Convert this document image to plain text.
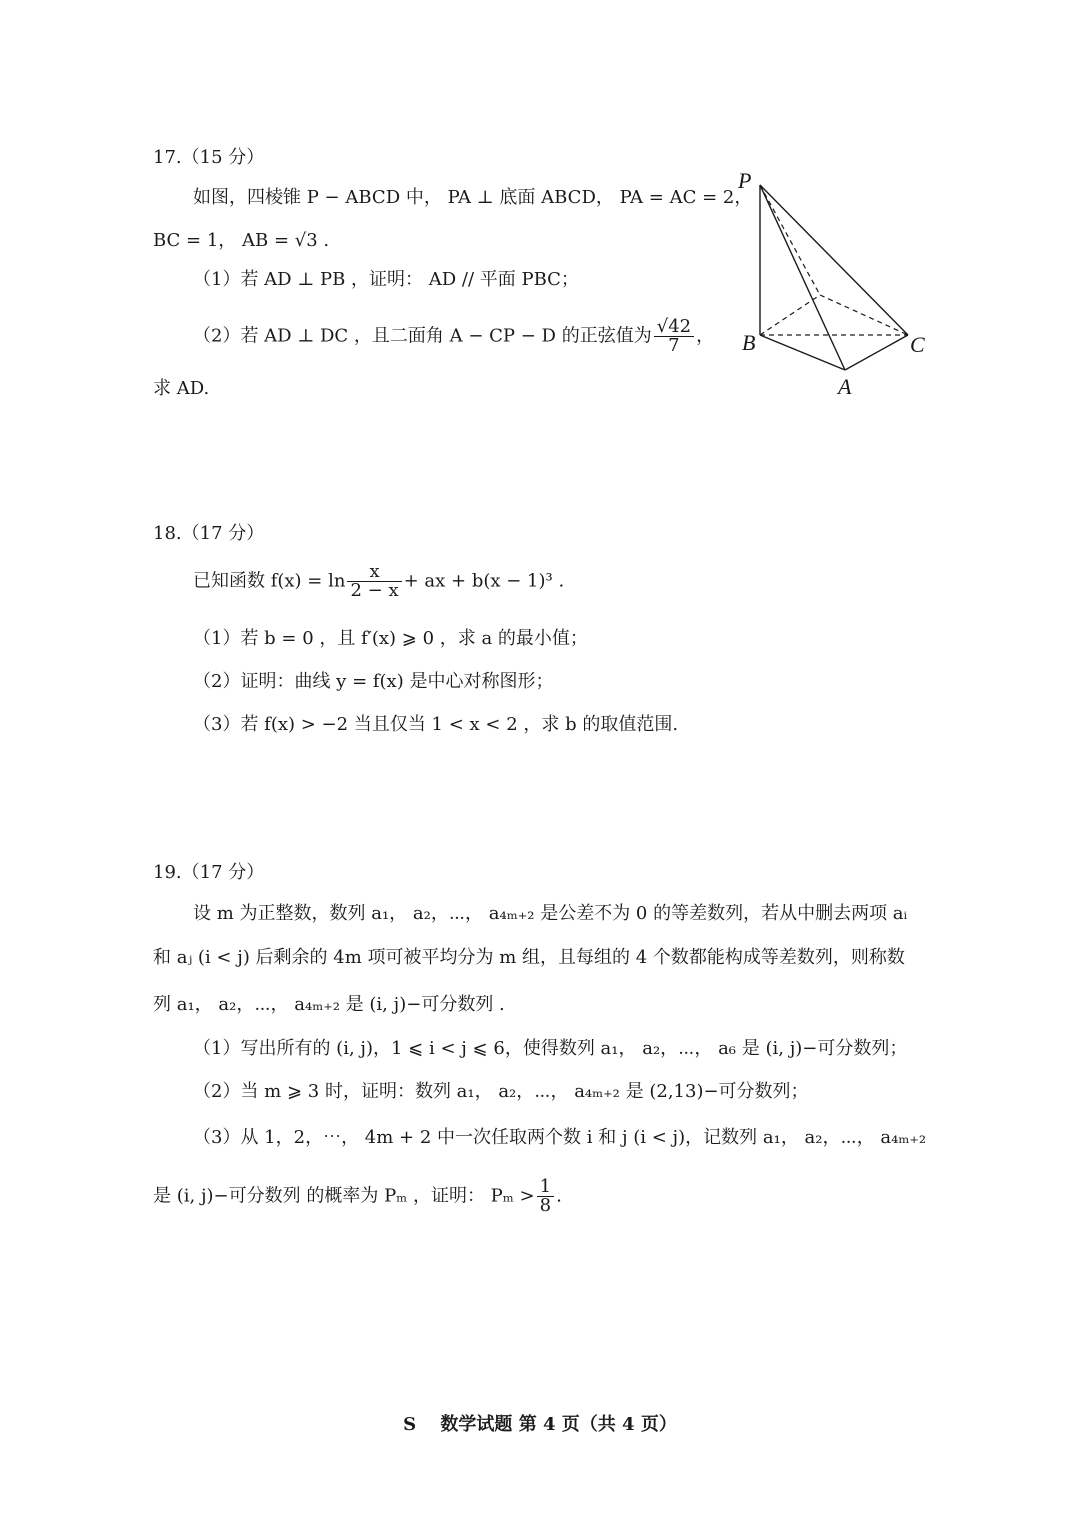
17.（15 分）
如图，四棱锥 P − ABCD 中， PA ⊥ 底面 ABCD， PA = AC = 2，
BC = 1， AB = √3 .
（1）若 AD ⊥ PB ，证明： AD // 平面 PBC；
（2）若 AD ⊥ DC ，且二面角 A − CP − D 的正弦值为 $\frac{√42}{7}$ ，
求 AD.
P
B	C
A
18.（17 分）
已知函数 $f(x) = \ln \frac{x}{2 - x}$ + ax + b(x − 1)³ .
（1）若 b = 0 ，且 f′(x) ⩾ 0 ，求 a 的最小值；
（2）证明：曲线 y = f(x) 是中心对称图形；
（3）若 f(x) > −2 当且仅当 1 < x < 2 ，求 b 的取值范围.
19.（17 分）
设 m 为正整数，数列 a₁， a₂，⋯， a₄ₘ₊₂ 是公差不为 0 的等差数列，若从中删去两项 aᵢ
和 aⱼ (i < j) 后剩余的 4m 项可被平均分为 m 组，且每组的 4 个数都能构成等差数列，则称数
列 a₁， a₂，⋯， a₄ₘ₊₂ 是 (i, j)−可分数列 .
（1）写出所有的 (i, j)，1 ⩽ i < j ⩽ 6，使得数列 a₁， a₂，⋯， a₆ 是 (i, j)−可分数列；
（2）当 m ⩾ 3 时，证明：数列 a₁， a₂，⋯， a₄ₘ₊₂ 是 (2,13)−可分数列；
（3）从 1，2，⋯， 4m + 2 中一次任取两个数 i 和 j (i < j)，记数列 a₁， a₂，⋯， a₄ₘ₊₂
是 (i, j)−可分数列 的概率为 Pₘ ，证明： $P_m > \frac{1}{8}$ .
S　 数学试题 第 4 页（共 4 页）
